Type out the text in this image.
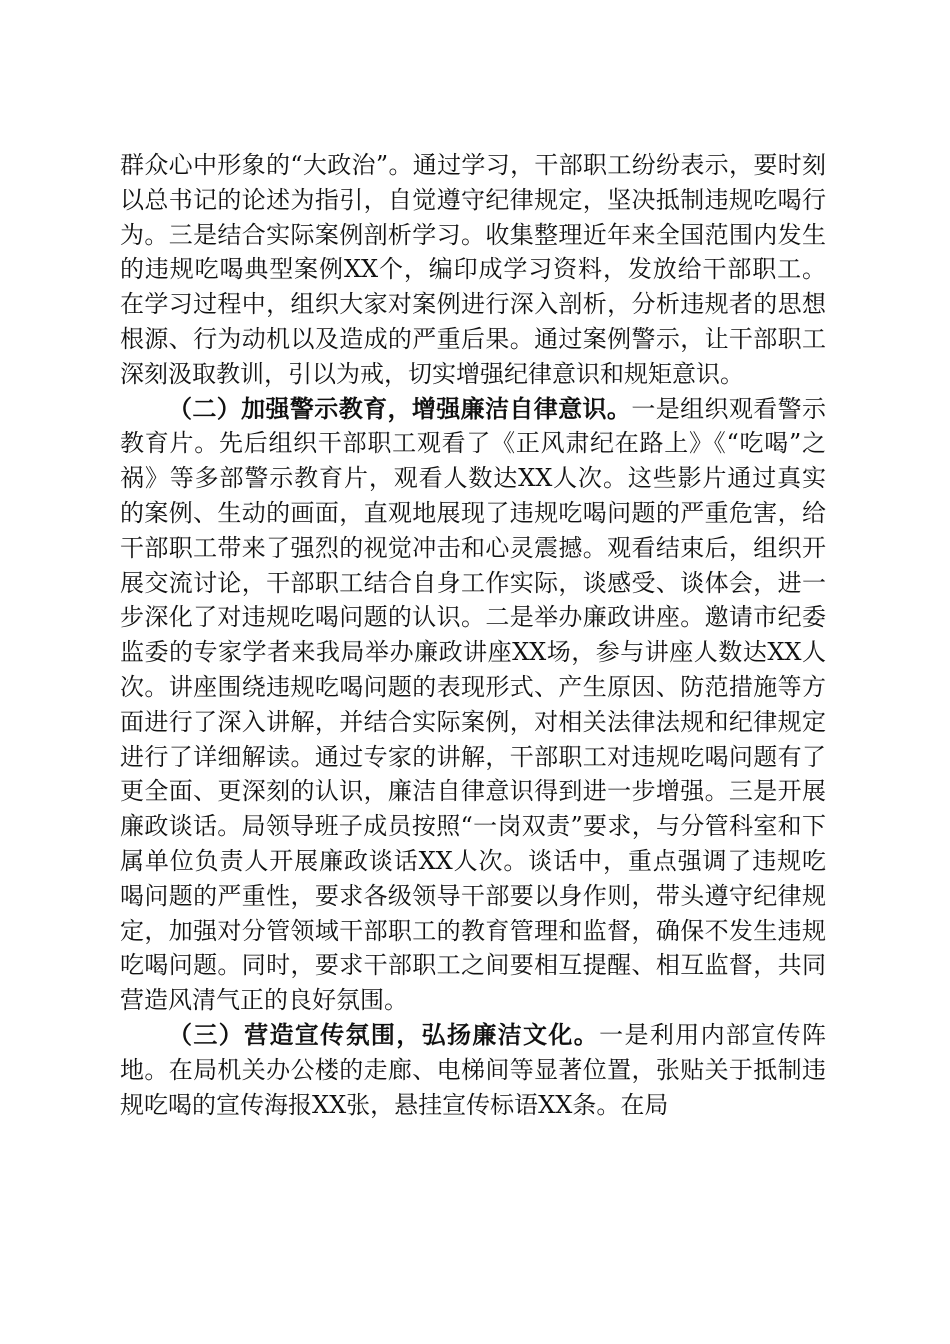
群众心中形象的“大政治”。通过学习，干部职工纷纷表示，要时刻以总书记的论述为指引，自觉遵守纪律规定，坚决抵制违规吃喝行为。三是结合实际案例剖析学习。收集整理近年来全国范围内发生的违规吃喝典型案例XX个，编印成学习资料，发放给干部职工。在学习过程中，组织大家对案例进行深入剖析，分析违规者的思想根源、行为动机以及造成的严重后果。通过案例警示，让干部职工深刻汲取教训，引以为戒，切实增强纪律意识和规矩意识。

（二）加强警示教育，增强廉洁自律意识。一是组织观看警示教育片。先后组织干部职工观看了《正风肃纪在路上》《“吃喝”之祸》等多部警示教育片，观看人数达XX人次。这些影片通过真实的案例、生动的画面，直观地展现了违规吃喝问题的严重危害，给干部职工带来了强烈的视觉冲击和心灵震撼。观看结束后，组织开展交流讨论，干部职工结合自身工作实际，谈感受、谈体会，进一步深化了对违规吃喝问题的认识。二是举办廉政讲座。邀请市纪委监委的专家学者来我局举办廉政讲座XX场，参与讲座人数达XX人次。讲座围绕违规吃喝问题的表现形式、产生原因、防范措施等方面进行了深入讲解，并结合实际案例，对相关法律法规和纪律规定进行了详细解读。通过专家的讲解，干部职工对违规吃喝问题有了更全面、更深刻的认识，廉洁自律意识得到进一步增强。三是开展廉政谈话。局领导班子成员按照“一岗双责”要求，与分管科室和下属单位负责人开展廉政谈话XX人次。谈话中，重点强调了违规吃喝问题的严重性，要求各级领导干部要以身作则，带头遵守纪律规定，加强对分管领域干部职工的教育管理和监督，确保不发生违规吃喝问题。同时，要求干部职工之间要相互提醒、相互监督，共同营造风清气正的良好氛围。

（三）营造宣传氛围，弘扬廉洁文化。一是利用内部宣传阵地。在局机关办公楼的走廊、电梯间等显著位置，张贴关于抵制违规吃喝的宣传海报XX张，悬挂宣传标语XX条。在局
